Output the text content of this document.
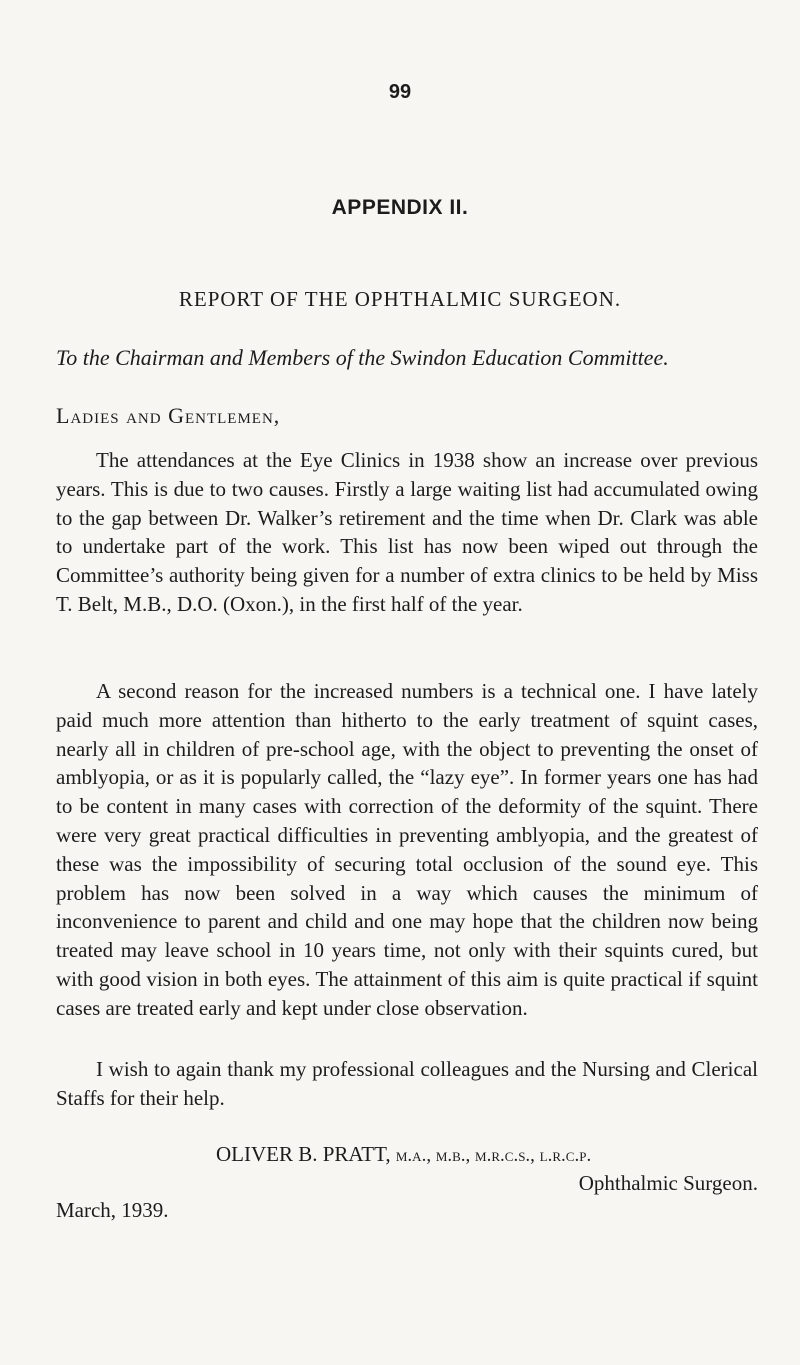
99
APPENDIX II.
REPORT OF THE OPHTHALMIC SURGEON.
To the Chairman and Members of the Swindon Education Committee.
Ladies and Gentlemen,

The attendances at the Eye Clinics in 1938 show an increase over previous years. This is due to two causes. Firstly a large waiting list had accumulated owing to the gap between Dr. Walker’s retirement and the time when Dr. Clark was able to undertake part of the work. This list has now been wiped out through the Committee’s authority being given for a number of extra clinics to be held by Miss T. Belt, M.B., D.O. (Oxon.), in the first half of the year.

A second reason for the increased numbers is a technical one. I have lately paid much more attention than hitherto to the early treatment of squint cases, nearly all in children of pre-school age, with the object to preventing the onset of amblyopia, or as it is popularly called, the “lazy eye”. In former years one has had to be content in many cases with correction of the deformity of the squint. There were very great practical difficulties in preventing amblyopia, and the greatest of these was the impossibility of securing total occlusion of the sound eye. This problem has now been solved in a way which causes the minimum of inconvenience to parent and child and one may hope that the children now being treated may leave school in 10 years time, not only with their squints cured, but with good vision in both eyes. The attainment of this aim is quite practical if squint cases are treated early and kept under close observation.

I wish to again thank my professional colleagues and the Nursing and Clerical Staffs for their help.

OLIVER B. PRATT, m.a., m.b., m.r.c.s., l.r.c.p.
Ophthalmic Surgeon.
March, 1939.
